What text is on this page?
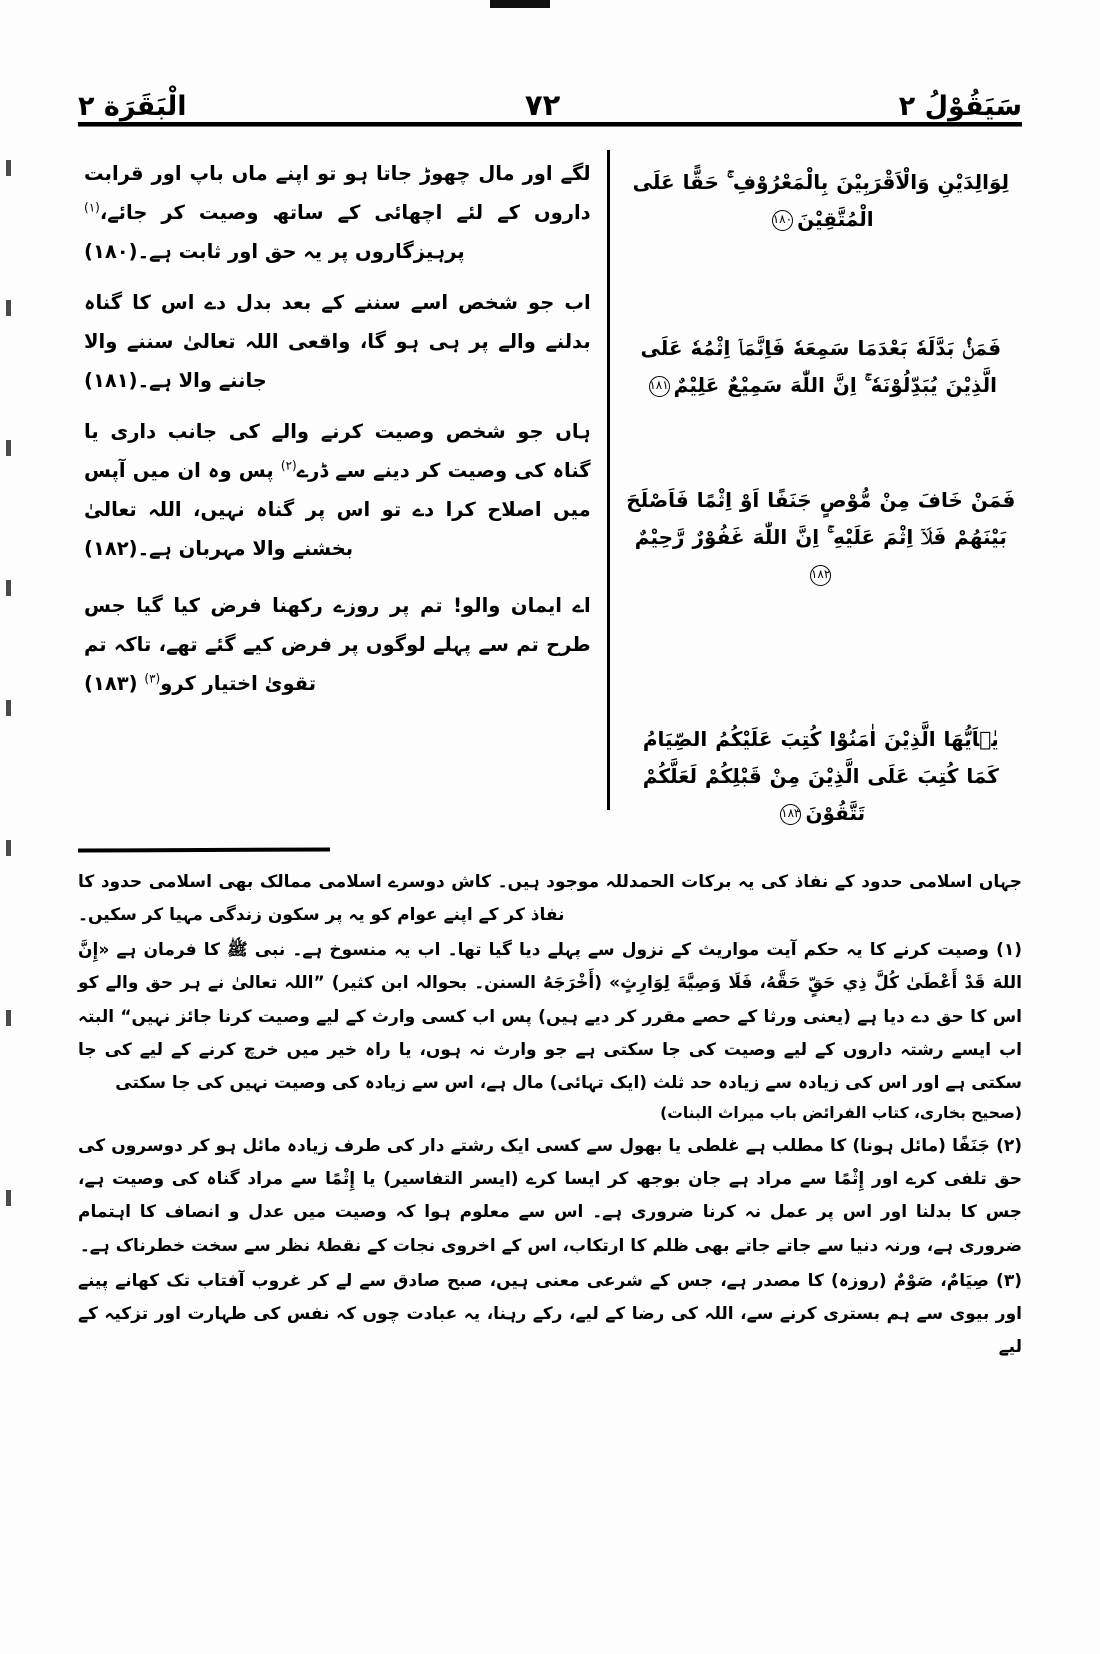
سَيَقُوْلُ ٢
٧٢
الْبَقَرَة ٢
لِوَالِدَيْنِ وَالْاَقْرَبِيْنَ بِالْمَعْرُوْفِ ۚ حَقًّا عَلَى الْمُتَّقِيْنَ١٨٠
فَمَنْۢ بَدَّلَهٗ بَعْدَمَا سَمِعَهٗ فَاِنَّمَاۤ اِثْمُهٗ عَلَى الَّذِيْنَ يُبَدِّلُوْنَهٗ ۚ اِنَّ اللّٰهَ سَمِيْعٌ عَلِيْمٌ١٨١
فَمَنْ خَافَ مِنْ مُّوْصٍ جَنَفًا اَوْ اِثْمًا فَاَصْلَحَ بَيْنَهُمْ فَلَاۤ اِثْمَ عَلَيْهِ ۚ اِنَّ اللّٰهَ غَفُوْرٌ رَّحِيْمٌ١٨٢
يٰۤاَيُّهَا الَّذِيْنَ اٰمَنُوْا كُتِبَ عَلَيْكُمُ الصِّيَامُ كَمَا كُتِبَ عَلَى الَّذِيْنَ مِنْ قَبْلِكُمْ لَعَلَّكُمْ تَتَّقُوْنَ١٨٣
لگے اور مال چھوڑ جاتا ہو تو اپنے ماں باپ اور قرابت داروں کے لئے اچھائی کے ساتھ وصیت کر جائے،$^{(١)}$ پرہیزگاروں پر یہ حق اور ثابت ہے۔(١٨٠)
اب جو شخص اسے سننے کے بعد بدل دے اس کا گناہ بدلنے والے پر ہی ہو گا، واقعی اللہ تعالیٰ سننے والا جاننے والا ہے۔(١٨١)
ہاں جو شخص وصیت کرنے والے کی جانب داری یا گناہ کی وصیت کر دینے سے ڈرے$^{(٢)}$ پس وہ ان میں آپس میں اصلاح کرا دے تو اس پر گناہ نہیں، اللہ تعالیٰ بخشنے والا مہربان ہے۔(١٨٢)
اے ایمان والو! تم پر روزے رکھنا فرض کیا گیا جس طرح تم سے پہلے لوگوں پر فرض کیے گئے تھے، تاکہ تم تقویٰ اختیار کرو$^{(٣)}$ (١٨٣)
جہاں اسلامی حدود کے نفاذ کی یہ برکات الحمدللہ موجود ہیں۔ کاش دوسرے اسلامی ممالک بھی اسلامی حدود کا نفاذ کر کے اپنے عوام کو یہ پر سکون زندگی مہیا کر سکیں۔
(١) وصیت کرنے کا یہ حکم آیت مواریث کے نزول سے پہلے دیا گیا تھا۔ اب یہ منسوخ ہے۔ نبی ﷺ کا فرمان ہے «إِنَّ اللهَ قَدْ أَعْطَىٰ كُلَّ ذِي حَقٍّ حَقَّهُ، فَلَا وَصِيَّةَ لِوَارِثٍ» (أَخْرَجَهُ السنن۔ بحوالہ ابن کثیر) ”اللہ تعالیٰ نے ہر حق والے کو اس کا حق دے دیا ہے (یعنی ورثا کے حصے مقرر کر دیے ہیں) پس اب کسی وارث کے لیے وصیت کرنا جائز نہیں“ البتہ اب ایسے رشتہ داروں کے لیے وصیت کی جا سکتی ہے جو وارث نہ ہوں، یا راہ خیر میں خرچ کرنے کے لیے کی جا سکتی ہے اور اس کی زیادہ سے زیادہ حد ثلث (ایک تہائی) مال ہے، اس سے زیادہ کی وصیت نہیں کی جا سکتی
(صحیح بخاری، کتاب الفرائض باب میراث البنات)
(٢) جَنَفًا (مائل ہونا) کا مطلب ہے غلطی یا بھول سے کسی ایک رشتے دار کی طرف زیادہ مائل ہو کر دوسروں کی حق تلفی کرے اور إِثْمًا سے مراد ہے جان بوجھ کر ایسا کرے (ایسر التفاسیر) یا إِثْمًا سے مراد گناہ کی وصیت ہے، جس کا بدلنا اور اس پر عمل نہ کرنا ضروری ہے۔ اس سے معلوم ہوا کہ وصیت میں عدل و انصاف کا اہتمام ضروری ہے، ورنہ دنیا سے جاتے جاتے بھی ظلم کا ارتکاب، اس کے اخروی نجات کے نقطۂ نظر سے سخت خطرناک ہے۔
(٣) صِیَامٌ، صَوْمٌ (روزہ) کا مصدر ہے، جس کے شرعی معنی ہیں، صبح صادق سے لے کر غروب آفتاب تک کھانے پینے اور بیوی سے ہم بستری کرنے سے، اللہ کی رضا کے لیے، رکے رہنا، یہ عبادت چوں کہ نفس کی طہارت اور تزکیہ کے لیے
